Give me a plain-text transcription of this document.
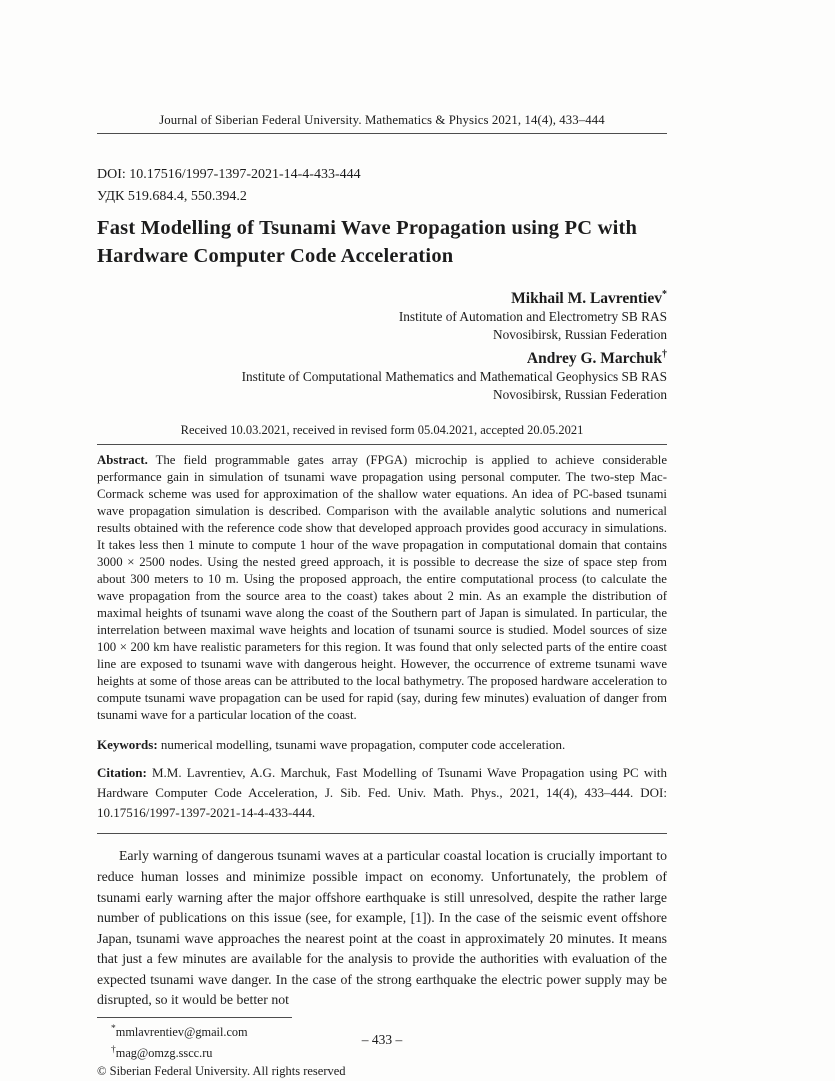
Journal of Siberian Federal University. Mathematics & Physics 2021, 14(4), 433–444
DOI: 10.17516/1997-1397-2021-14-4-433-444
УДК 519.684.4, 550.394.2
Fast Modelling of Tsunami Wave Propagation using PC with
Hardware Computer Code Acceleration
Mikhail M. Lavrentiev*
Institute of Automation and Electrometry SB RAS
Novosibirsk, Russian Federation
Andrey G. Marchuk†
Institute of Computational Mathematics and Mathematical Geophysics SB RAS
Novosibirsk, Russian Federation
Received 10.03.2021, received in revised form 05.04.2021, accepted 20.05.2021

Abstract. The field programmable gates array (FPGA) microchip is applied to achieve considerable performance gain in simulation of tsunami wave propagation using personal computer. The two-step Mac-Cormack scheme was used for approximation of the shallow water equations. An idea of PC-based tsunami wave propagation simulation is described. Comparison with the available analytic solutions and numerical results obtained with the reference code show that developed approach provides good accuracy in simulations. It takes less then 1 minute to compute 1 hour of the wave propagation in computational domain that contains 3000 × 2500 nodes. Using the nested greed approach, it is possible to decrease the size of space step from about 300 meters to 10 m. Using the proposed approach, the entire computational process (to calculate the wave propagation from the source area to the coast) takes about 2 min. As an example the distribution of maximal heights of tsunami wave along the coast of the Southern part of Japan is simulated. In particular, the interrelation between maximal wave heights and location of tsunami source is studied. Model sources of size 100 × 200 km have realistic parameters for this region. It was found that only selected parts of the entire coast line are exposed to tsunami wave with dangerous height. However, the occurrence of extreme tsunami wave heights at some of those areas can be attributed to the local bathymetry. The proposed hardware acceleration to compute tsunami wave propagation can be used for rapid (say, during few minutes) evaluation of danger from tsunami wave for a particular location of the coast.

Keywords: numerical modelling, tsunami wave propagation, computer code acceleration.

Citation: M.M. Lavrentiev, A.G. Marchuk, Fast Modelling of Tsunami Wave Propagation using PC with Hardware Computer Code Acceleration, J. Sib. Fed. Univ. Math. Phys., 2021, 14(4), 433–444. DOI: 10.17516/1997-1397-2021-14-4-433-444.

Early warning of dangerous tsunami waves at a particular coastal location is crucially important to reduce human losses and minimize possible impact on economy. Unfortunately, the problem of tsunami early warning after the major offshore earthquake is still unresolved, despite the rather large number of publications on this issue (see, for example, [1]). In the case of the seismic event offshore Japan, tsunami wave approaches the nearest point at the coast in approximately 20 minutes. It means that just a few minutes are available for the analysis to provide the authorities with evaluation of the expected tsunami wave danger. In the case of the strong earthquake the electric power supply may be disrupted, so it would be better not

*mmlavrentiev@gmail.com
†mag@omzg.sscc.ru
© Siberian Federal University. All rights reserved
– 433 –
